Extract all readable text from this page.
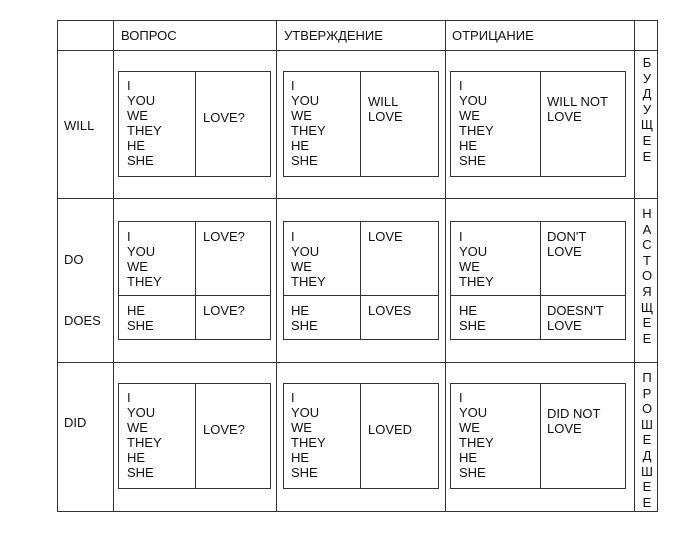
ВОПРОС	УТВЕРЖДЕНИЕ	ОТРИЦАНИЕ
WILL
DO
DOES
DID
Б
У
Д
У
Щ
Е
Е
Н
А
С
Т
О
Я
Щ
Е
Е
П
Р
О
Ш
Е
Д
Ш
Е
Е
I
YOU
WE
THEY
HE
SHE
LOVE?
I
YOU
WE
THEY
HE
SHE
WILL
LOVE
I
YOU
WE
THEY
HE
SHE
WILL NOT
LOVE
I
YOU
WE
THEY
LOVE?
HE
SHE
LOVE?
I
YOU
WE
THEY
LOVE
HE
SHE
LOVES
I
YOU
WE
THEY
DON'T
LOVE
HE
SHE
DOESN'T
LOVE
I
YOU
WE
THEY
HE
SHE
LOVE?
I
YOU
WE
THEY
HE
SHE
LOVED
I
YOU
WE
THEY
HE
SHE
DID NOT
LOVE
